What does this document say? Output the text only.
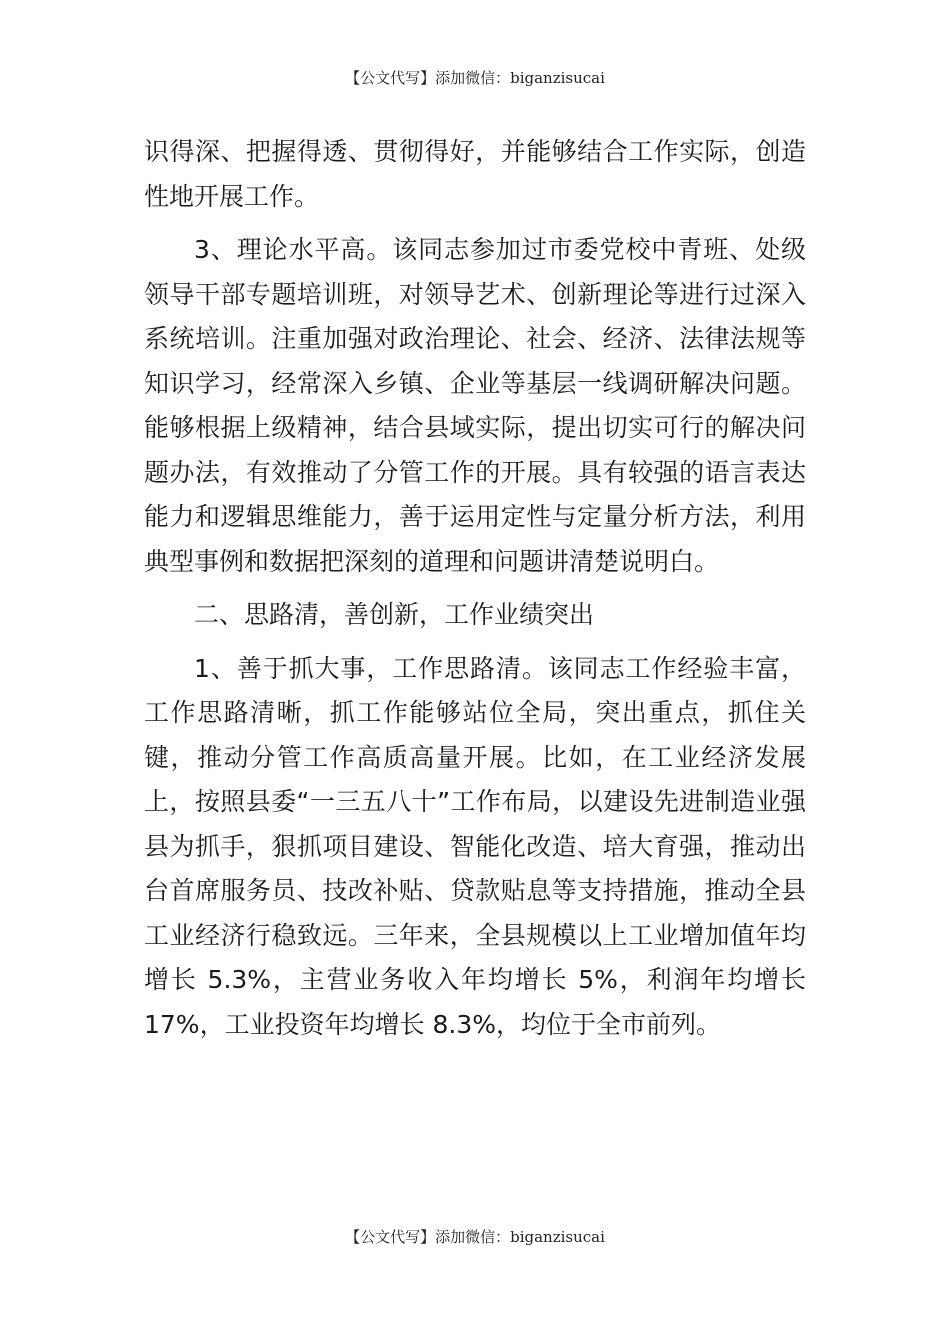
【公文代写】添加微信：biganzisucai

识得深、把握得透、贯彻得好，并能够结合工作实际，创造性地开展工作。

3、理论水平高。该同志参加过市委党校中青班、处级领导干部专题培训班，对领导艺术、创新理论等进行过深入系统培训。注重加强对政治理论、社会、经济、法律法规等知识学习，经常深入乡镇、企业等基层一线调研解决问题。能够根据上级精神，结合县域实际，提出切实可行的解决问题办法，有效推动了分管工作的开展。具有较强的语言表达能力和逻辑思维能力，善于运用定性与定量分析方法，利用典型事例和数据把深刻的道理和问题讲清楚说明白。

二、思路清，善创新，工作业绩突出

1、善于抓大事，工作思路清。该同志工作经验丰富，工作思路清晰，抓工作能够站位全局，突出重点，抓住关键，推动分管工作高质高量开展。比如，在工业经济发展上，按照县委“一三五八十”工作布局，以建设先进制造业强县为抓手，狠抓项目建设、智能化改造、培大育强，推动出台首席服务员、技改补贴、贷款贴息等支持措施，推动全县工业经济行稳致远。三年来，全县规模以上工业增加值年均增长 5.3%，主营业务收入年均增长 5%，利润年均增长 17%，工业投资年均增长 8.3%，均位于全市前列。

【公文代写】添加微信：biganzisucai
